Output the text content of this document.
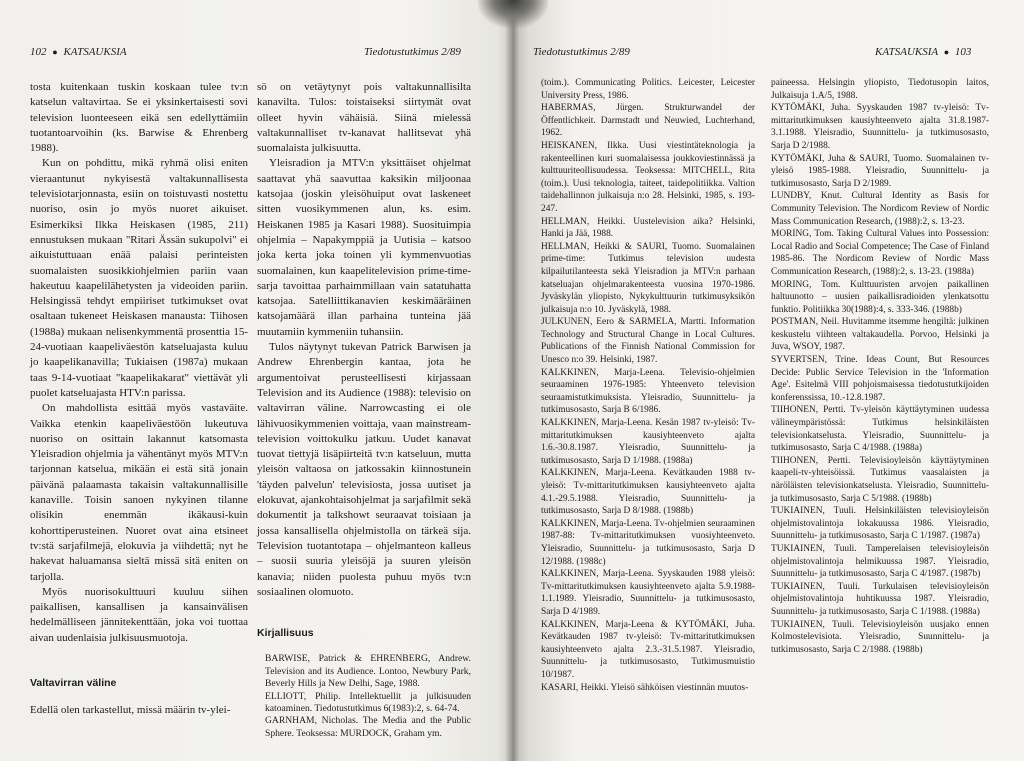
102 ● KATSAUKSIA	Tiedotustutkimus 2/89

tosta kuitenkaan tuskin koskaan tulee tv:n katselun valtavirtaa. Se ei yksinkertaisesti sovi television luonteeseen eikä sen edellyttämiin tuotantoarvoihin (ks. Barwise & Ehrenberg 1988).

Kun on pohdittu, mikä ryhmä olisi eniten vieraantunut nykyisestä valtakunnallisesta televisiotarjonnasta, esiin on toistuvasti nostettu nuoriso, osin jo myös nuoret aikuiset. Esimerkiksi Ilkka Heiskasen (1985, 211) ennustuksen mukaan "Ritari Ässän sukupolvi" ei aikuistuttuaan enää palaisi perinteisten suomalaisten suosikkiohjelmien pariin vaan hakeutuu kaapelilähetysten ja videoiden pariin. Helsingissä tehdyt empiiriset tutkimukset ovat osaltaan tukeneet Heiskasen manausta: Tiihosen (1988a) mukaan nelisenkymmentä prosenttia 15-24-vuotiaan kaapeliväestön katseluajasta kuluu jo kaapelikanavilla; Tukiaisen (1987a) mukaan taas 9-14-vuotiaat "kaapelikakarat" viettävät yli puolet katseluajasta HTV:n parissa.

On mahdollista esittää myös vastaväite. Vaikka etenkin kaapeliväestöön lukeutuva nuoriso on osittain lakannut katsomasta Yleisradion ohjelmia ja vähentänyt myös MTV:n tarjonnan katselua, mikään ei estä sitä jonain päivänä palaamasta takaisin valtakunnallisille kanaville. Toisin sanoen nykyinen tilanne olisikin enemmän ikäkausi-kuin kohorttiperusteinen. Nuoret ovat aina etsineet tv:stä sarjafilmejä, elokuvia ja viihdettä; nyt he hakevat haluamansa sieltä missä sitä eniten on tarjolla.

Myös nuorisokulttuuri kuuluu siihen paikallisen, kansallisen ja kansainvälisen hedelmälliseen jännitekenttään, joka voi tuottaa aivan uudenlaisia julkisuusmuotoja.

Valtavirran väline

Edellä olen tarkastellut, missä määrin tv-ylei-

sö on vetäytynyt pois valtakunnallisilta kanavilta. Tulos: toistaiseksi siirtymät ovat olleet hyvin vähäisiä. Siinä mielessä valtakunnalliset tv-kanavat hallitsevat yhä suomalaista julkisuutta.

Yleisradion ja MTV:n yksittäiset ohjelmat saattavat yhä saavuttaa kaksikin miljoonaa katsojaa (joskin yleisöhuiput ovat laskeneet sitten vuosikymmenen alun, ks. esim. Heiskanen 1985 ja Kasari 1988). Suosituimpia ohjelmia – Napakymppiä ja Uutisia – katsoo joka kerta joka toinen yli kymmenvuotias suomalainen, kun kaapelitelevision prime-time-sarja tavoittaa parhaimmillaan vain satatuhatta katsojaa. Satelliittikanavien keskimääräinen katsojamäärä illan parhaina tunteina jää muutamiin kymmeniin tuhansiin.

Tulos näytynyt tukevan Patrick Barwisen ja Andrew Ehrenbergin kantaa, jota he argumentoivat perusteellisesti kirjassaan Television and its Audience (1988): televisio on valtavirran väline. Narrowcasting ei ole lähivuosikymmenien voittaja, vaan mainstream-television voittokulku jatkuu. Uudet kanavat tuovat tiettyjä lisäpiirteitä tv:n katseluun, mutta yleisön valtaosa on jatkossakin kiinnostunein 'täyden palvelun' televisiosta, jossa uutiset ja elokuvat, ajankohtaisohjelmat ja sarjafilmit sekä dokumentit ja talkshowt seuraavat toisiaan ja jossa kansallisella ohjelmistolla on tärkeä sija. Television tuotantotapa – ohjelmanteon kalleus – suosii suuria yleisöjä ja suuren yleisön kanavia; niiden puolesta puhuu myös tv:n sosiaalinen olomuoto.

Kirjallisuus

BARWISE, Patrick & EHRENBERG, Andrew. Television and its Audience. Lontoo, Newbury Park, Beverly Hills ja New Delhi, Sage, 1988.

ELLIOTT, Philip. Intellektuellit ja julkisuuden katoaminen. Tiedotustutkimus 6(1983):2, s. 64-74.

GARNHAM, Nicholas. The Media and the Public Sphere. Teoksessa: MURDOCK, Graham ym.

Tiedotustutkimus 2/89	KATSAUKSIA ● 103

(toim.). Communicating Politics. Leicester, Leicester University Press, 1986.

HABERMAS, Jürgen. Strukturwandel der Öffentlichkeit. Darmstadt und Neuwied, Luchterhand, 1962.

HEISKANEN, Ilkka. Uusi viestintäteknologia ja rakenteellinen kuri suomalaisessa joukkoviestinnässä ja kulttuuriteollisuudessa. Teoksessa: MITCHELL, Rita (toim.). Uusi teknologia, taiteet, taidepolitiikka. Valtion taidehallinnon julkaisuja n:o 28. Helsinki, 1985, s. 193-247.

HELLMAN, Heikki. Uustelevision aika? Helsinki, Hanki ja Jää, 1988.

HELLMAN, Heikki & SAURI, Tuomo. Suomalainen prime-time: Tutkimus television uudesta kilpailutilanteesta sekä Yleisradion ja MTV:n parhaan katseluajan ohjelmarakenteesta vuosina 1970-1986. Jyväskylän yliopisto, Nykykulttuurin tutkimusyksikön julkaisuja n:o 10. Jyväskylä, 1988.

JULKUNEN, Eero & SARMELA, Martti. Information Technology and Structural Change in Local Cultures. Publications of the Finnish National Commission for Unesco n:o 39. Helsinki, 1987.

KALKKINEN, Marja-Leena. Televisio-ohjelmien seuraaminen 1976-1985: Yhteenveto television seuraamistutkimuksista. Yleisradio, Suunnittelu- ja tutkimusosasto, Sarja B 6/1986.

KALKKINEN, Marja-Leena. Kesän 1987 tv-yleisö: Tv-mittaritutkimuksen kausiyhteenveto ajalta 1.6.-30.8.1987. Yleisradio, Suunnittelu- ja tutkimusosasto, Sarja D 1/1988. (1988a)

KALKKINEN, Marja-Leena. Kevätkauden 1988 tv-yleisö: Tv-mittaritutkimuksen kausiyhteenveto ajalta 4.1.-29.5.1988. Yleisradio, Suunnittelu- ja tutkimusosasto, Sarja D 8/1988. (1988b)

KALKKINEN, Marja-Leena. Tv-ohjelmien seuraaminen 1987-88: Tv-mittaritutkimuksen vuosiyhteenveto. Yleisradio, Suunnittelu- ja tutkimusosasto, Sarja D 12/1988. (1988c)

KALKKINEN, Marja-Leena. Syyskauden 1988 yleisö: Tv-mittaritutkimuksen kausiyhteenveto ajalta 5.9.1988-1.1.1989. Yleisradio, Suunnittelu- ja tutkimusosasto, Sarja D 4/1989.

KALKKINEN, Marja-Leena & KYTÖMÄKI, Juha. Kevätkauden 1987 tv-yleisö: Tv-mittaritutkimuksen kausiyhteenveto ajalta 2.3.-31.5.1987. Yleisradio, Suunnittelu- ja tutkimusosasto, Tutkimusmuistio 10/1987.

KASARI, Heikki. Yleisö sähköisen viestinnän muutos-

paineessa. Helsingin yliopisto, Tiedotusopin laitos, Julkaisuja 1.A/5, 1988.

KYTÖMÄKI, Juha. Syyskauden 1987 tv-yleisö: Tv-mittaritutkimuksen kausiyhteenveto ajalta 31.8.1987-3.1.1988. Yleisradio, Suunnittelu- ja tutkimusosasto, Sarja D 2/1988.

KYTÖMÄKI, Juha & SAURI, Tuomo. Suomalainen tv-yleisö 1985-1988. Yleisradio, Suunnittelu- ja tutkimusosasto, Sarja D 2/1989.

LUNDBY, Knut. Cultural Identity as Basis for Community Television. The Nordicom Review of Nordic Mass Communication Research, (1988):2, s. 13-23.

MORING, Tom. Taking Cultural Values into Possession: Local Radio and Social Competence; The Case of Finland 1985-86. The Nordicom Review of Nordic Mass Communication Research, (1988):2, s. 13-23. (1988a)

MORING, Tom. Kulttuuristen arvojen paikallinen haltuunotto – uusien paikallisradioiden ylenkatsottu funktio. Politiikka 30(1988):4, s. 333-346. (1988b)

POSTMAN, Neil. Huvitamme itsemme hengiltä: julkinen keskustelu viihteen valtakaudella. Porvoo, Helsinki ja Juva, WSOY, 1987.

SYVERTSEN, Trine. Ideas Count, But Resources Decide: Public Service Television in the 'Information Age'. Esitelmä VIII pohjoismaisessa tiedotustutkijoiden konferenssissa, 10.-12.8.1987.

TIIHONEN, Pertti. Tv-yleisön käyttäytyminen uudessa välineympäristössä: Tutkimus helsinkiläisten televisionkatselusta. Yleisradio, Suunnittelu- ja tutkimusosasto, Sarja C 4/1988. (1988a)

TIIHONEN, Pertti. Televisioyleisön käyttäytyminen kaapeli-tv-yhteisöissä. Tutkimus vaasalaisten ja näröläisten televisionkatselusta. Yleisradio, Suunnittelu- ja tutkimusosasto, Sarja C 5/1988. (1988b)

TUKIAINEN, Tuuli. Helsinkiläisten televisioyleisön ohjelmistovalintoja lokakuussa 1986. Yleisradio, Suunnittelu- ja tutkimusosasto, Sarja C 1/1987. (1987a)

TUKIAINEN, Tuuli. Tamperelaisen televisioyleisön ohjelmistovalintoja helmikuussa 1987. Yleisradio, Suunnittelu- ja tutkimusosasto, Sarja C 4/1987. (1987b)

TUKIAINEN, Tuuli. Turkulaisen televisioyleisön ohjelmistovalintoja huhtikuussa 1987. Yleisradio, Suunnittelu- ja tutkimusosasto, Sarja C 1/1988. (1988a)

TUKIAINEN, Tuuli. Televisioyleisön uusjako ennen Kolmostelevisiota. Yleisradio, Suunnittelu- ja tutkimusosasto, Sarja C 2/1988. (1988b)
